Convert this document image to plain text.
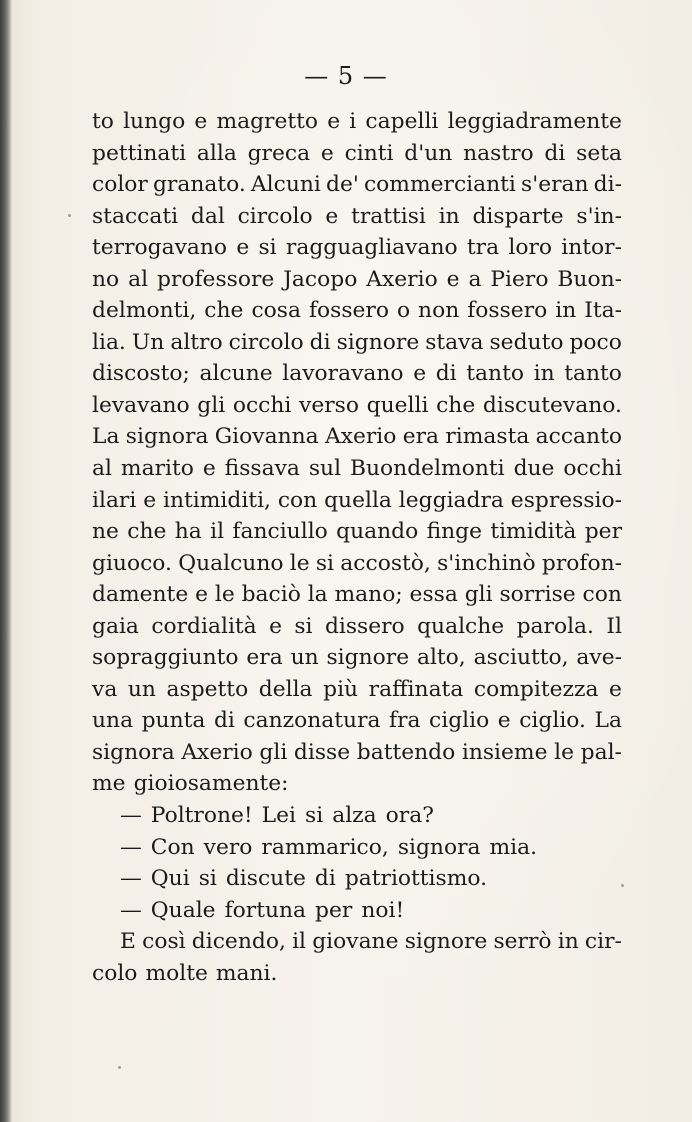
— 5 —
to lungo e magretto e i capelli leggiadramente
pettinati alla greca e cinti d'un nastro di seta
color granato. Alcuni de' commercianti s'eran di-
staccati dal circolo e trattisi in disparte s'in-
terrogavano e si ragguagliavano tra loro intor-
no al professore Jacopo Axerio e a Piero Buon-
delmonti, che cosa fossero o non fossero in Ita-
lia. Un altro circolo di signore stava seduto poco
discosto; alcune lavoravano e di tanto in tanto
levavano gli occhi verso quelli che discutevano.
La signora Giovanna Axerio era rimasta accanto
al marito e fissava sul Buondelmonti due occhi
ilari e intimiditi, con quella leggiadra espressio-
ne che ha il fanciullo quando finge timidità per
giuoco. Qualcuno le si accostò, s'inchinò profon-
damente e le baciò la mano; essa gli sorrise con
gaia cordialità e si dissero qualche parola. Il
sopraggiunto era un signore alto, asciutto, ave-
va un aspetto della più raffinata compitezza e
una punta di canzonatura fra ciglio e ciglio. La
signora Axerio gli disse battendo insieme le pal-
me gioiosamente:
— Poltrone! Lei si alza ora?
— Con vero rammarico, signora mia.
— Qui si discute di patriottismo.
— Quale fortuna per noi!
E così dicendo, il giovane signore serrò in cir-
colo molte mani.
